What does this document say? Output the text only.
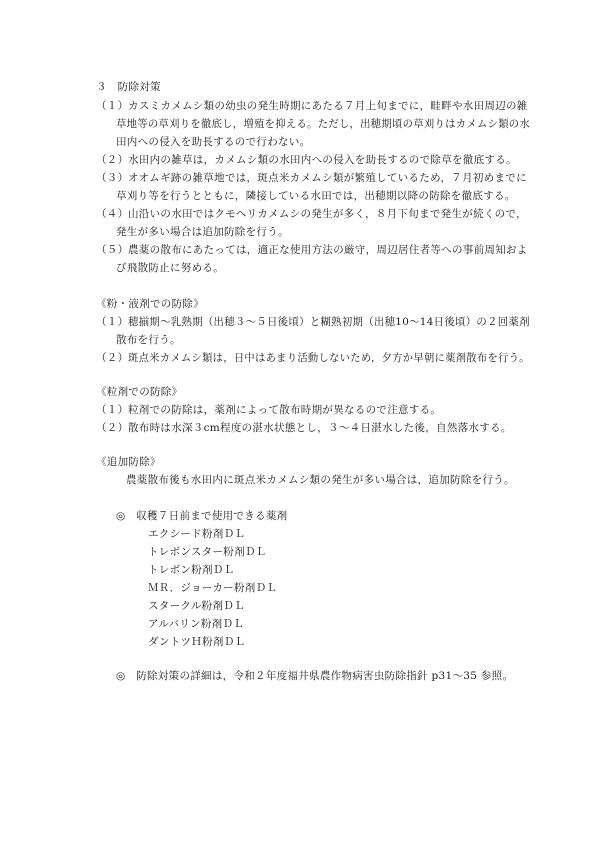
３　防除対策
（１） カスミカメムシ類の幼虫の発生時期にあたる７月上旬までに，畦畔や水田周辺の雑
草地等の草刈りを徹底し，増殖を抑える。ただし，出穂期頃の草刈りはカメムシ類の水
田内への侵入を助長するので行わない。
（２） 水田内の雑草は，カメムシ類の水田内への侵入を助長するので除草を徹底する。
（３） オオムギ跡の雑草地では，斑点米カメムシ類が繁殖しているため，７月初めまでに
草刈り等を行うとともに，隣接している水田では，出穂期以降の防除を徹底する。
（４） 山沿いの水田ではクモヘリカメムシの発生が多く，８月下旬まで発生が続くので，
発生が多い場合は追加防除を行う。
（５） 農薬の散布にあたっては，適正な使用方法の厳守，周辺居住者等への事前周知およ
び飛散防止に努める。
《粉・液剤での防除》
（１） 穂揃期～乳熟期（出穂３～５日後頃）と糊熟初期（出穂10～14日後頃）の２回薬剤
散布を行う。
（２） 斑点米カメムシ類は，日中はあまり活動しないため，夕方か早朝に薬剤散布を行う。
《粒剤での防除》
（１） 粒剤での防除は，薬剤によって散布時期が異なるので注意する。
（２） 散布時は水深３cm程度の湛水状態とし，３～４日湛水した後，自然落水する。
《追加防除》
農薬散布後も水田内に斑点米カメムシ類の発生が多い場合は，追加防除を行う。
◎　収穫７日前まで使用できる薬剤
エクシード粉剤ＤＬ
トレボンスター粉剤ＤＬ
トレボン粉剤ＤＬ
ＭＲ．ジョーカー粉剤ＤＬ
スタークル粉剤ＤＬ
アルバリン粉剤ＤＬ
ダントツＨ粉剤ＤＬ
◎　防除対策の詳細は，令和２年度福井県農作物病害虫防除指針 p31～35 参照。
